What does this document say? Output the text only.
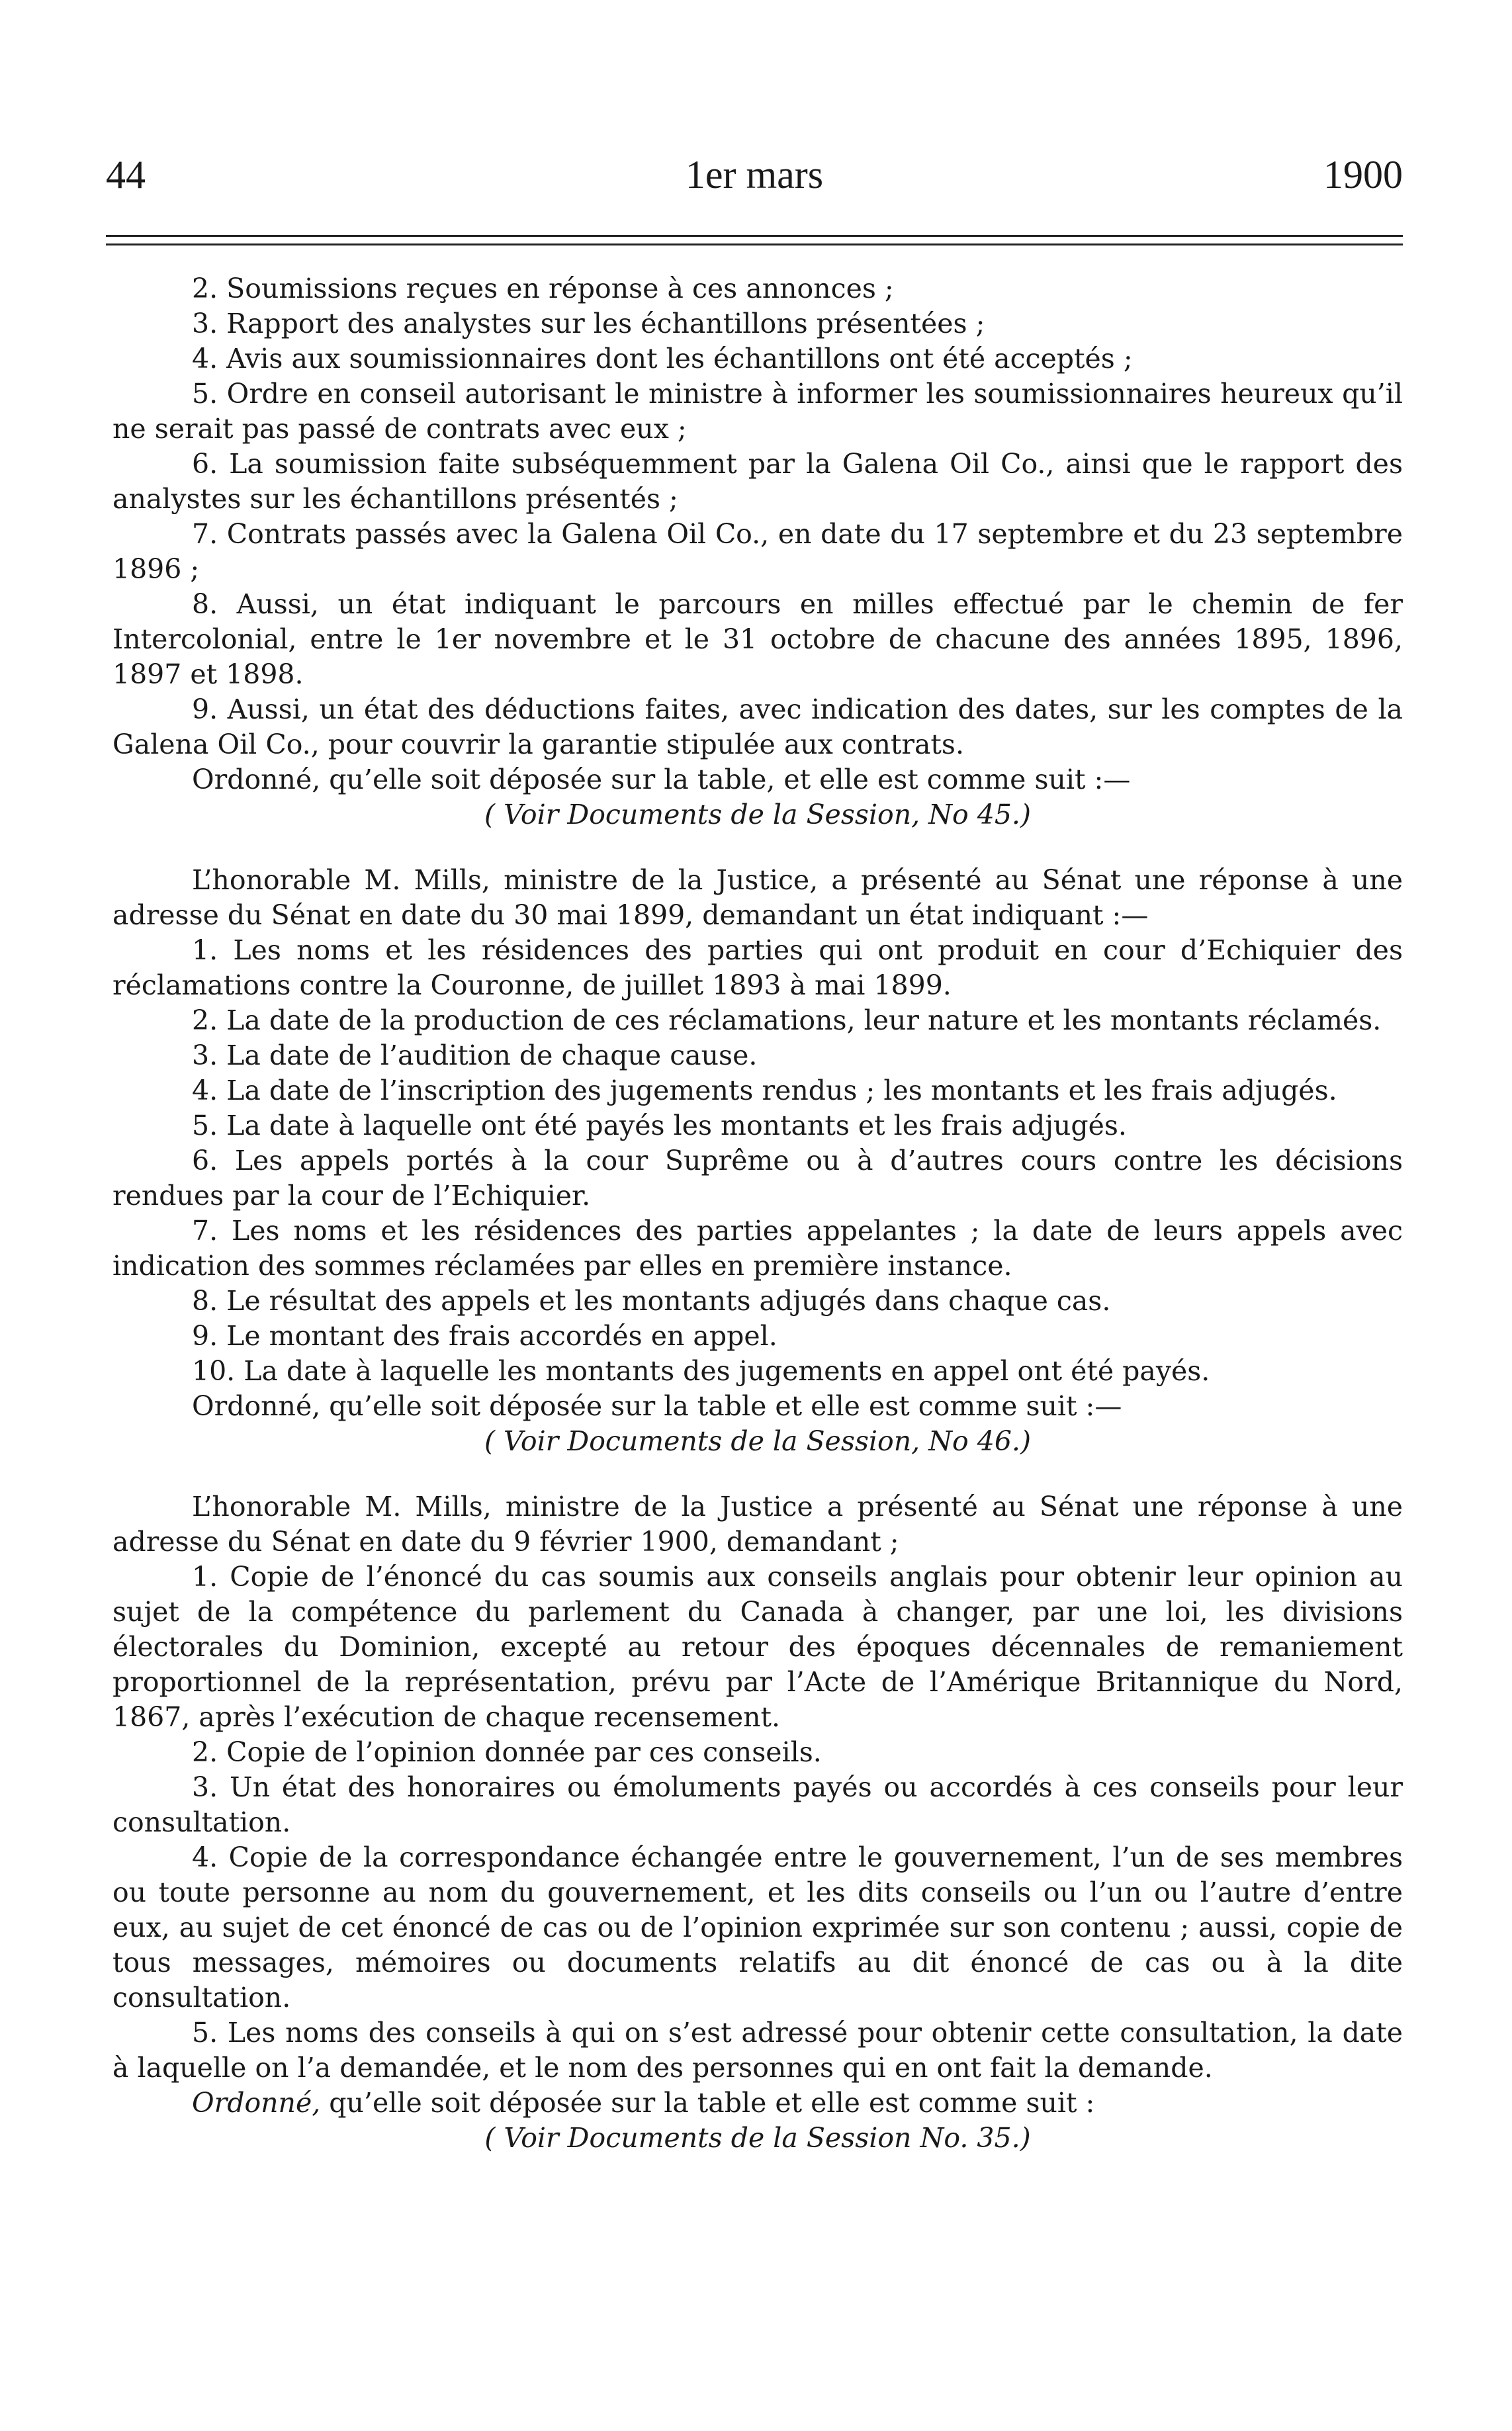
44	1er mars	1900

2. Soumissions reçues en réponse à ces annonces ;

3. Rapport des analystes sur les échantillons présentées ;

4. Avis aux soumissionnaires dont les échantillons ont été acceptés ;

5. Ordre en conseil autorisant le ministre à informer les soumissionnaires heureux qu’il ne serait pas passé de contrats avec eux ;

6. La soumission faite subséquemment par la Galena Oil Co., ainsi que le rapport des analystes sur les échantillons présentés ;

7. Contrats passés avec la Galena Oil Co., en date du 17 septembre et du 23 septembre 1896 ;

8. Aussi, un état indiquant le parcours en milles effectué par le chemin de fer Intercolonial, entre le 1er novembre et le 31 octobre de chacune des années 1895, 1896, 1897 et 1898.

9. Aussi, un état des déductions faites, avec indication des dates, sur les comptes de la Galena Oil Co., pour couvrir la garantie stipulée aux contrats.

Ordonné, qu’elle soit déposée sur la table, et elle est comme suit :—

( Voir Documents de la Session, No 45.)

L’honorable M. Mills, ministre de la Justice, a présenté au Sénat une réponse à une adresse du Sénat en date du 30 mai 1899, demandant un état indiquant :—

1. Les noms et les résidences des parties qui ont produit en cour d’Echiquier des réclamations contre la Couronne, de juillet 1893 à mai 1899.

2. La date de la production de ces réclamations, leur nature et les montants réclamés.

3. La date de l’audition de chaque cause.

4. La date de l’inscription des jugements rendus ; les montants et les frais adjugés.

5. La date à laquelle ont été payés les montants et les frais adjugés.

6. Les appels portés à la cour Suprême ou à d’autres cours contre les décisions rendues par la cour de l’Echiquier.

7. Les noms et les résidences des parties appelantes ; la date de leurs appels avec indication des sommes réclamées par elles en première instance.

8. Le résultat des appels et les montants adjugés dans chaque cas.

9. Le montant des frais accordés en appel.

10. La date à laquelle les montants des jugements en appel ont été payés.

Ordonné, qu’elle soit déposée sur la table et elle est comme suit :—

( Voir Documents de la Session, No 46.)

L’honorable M. Mills, ministre de la Justice a présenté au Sénat une réponse à une adresse du Sénat en date du 9 février 1900, demandant ;

1. Copie de l’énoncé du cas soumis aux conseils anglais pour obtenir leur opinion au sujet de la compétence du parlement du Canada à changer, par une loi, les divisions électorales du Dominion, excepté au retour des époques décennales de remaniement proportionnel de la représentation, prévu par l’Acte de l’Amérique Britannique du Nord, 1867, après l’exécution de chaque recensement.

2. Copie de l’opinion donnée par ces conseils.

3. Un état des honoraires ou émoluments payés ou accordés à ces conseils pour leur consultation.

4. Copie de la correspondance échangée entre le gouvernement, l’un de ses membres ou toute personne au nom du gouvernement, et les dits conseils ou l’un ou l’autre d’entre eux, au sujet de cet énoncé de cas ou de l’opinion exprimée sur son contenu ; aussi, copie de tous messages, mémoires ou documents relatifs au dit énoncé de cas ou à la dite consultation.

5. Les noms des conseils à qui on s’est adressé pour obtenir cette consultation, la date à laquelle on l’a demandée, et le nom des personnes qui en ont fait la demande.

Ordonné, qu’elle soit déposée sur la table et elle est comme suit :

( Voir Documents de la Session No. 35.)
